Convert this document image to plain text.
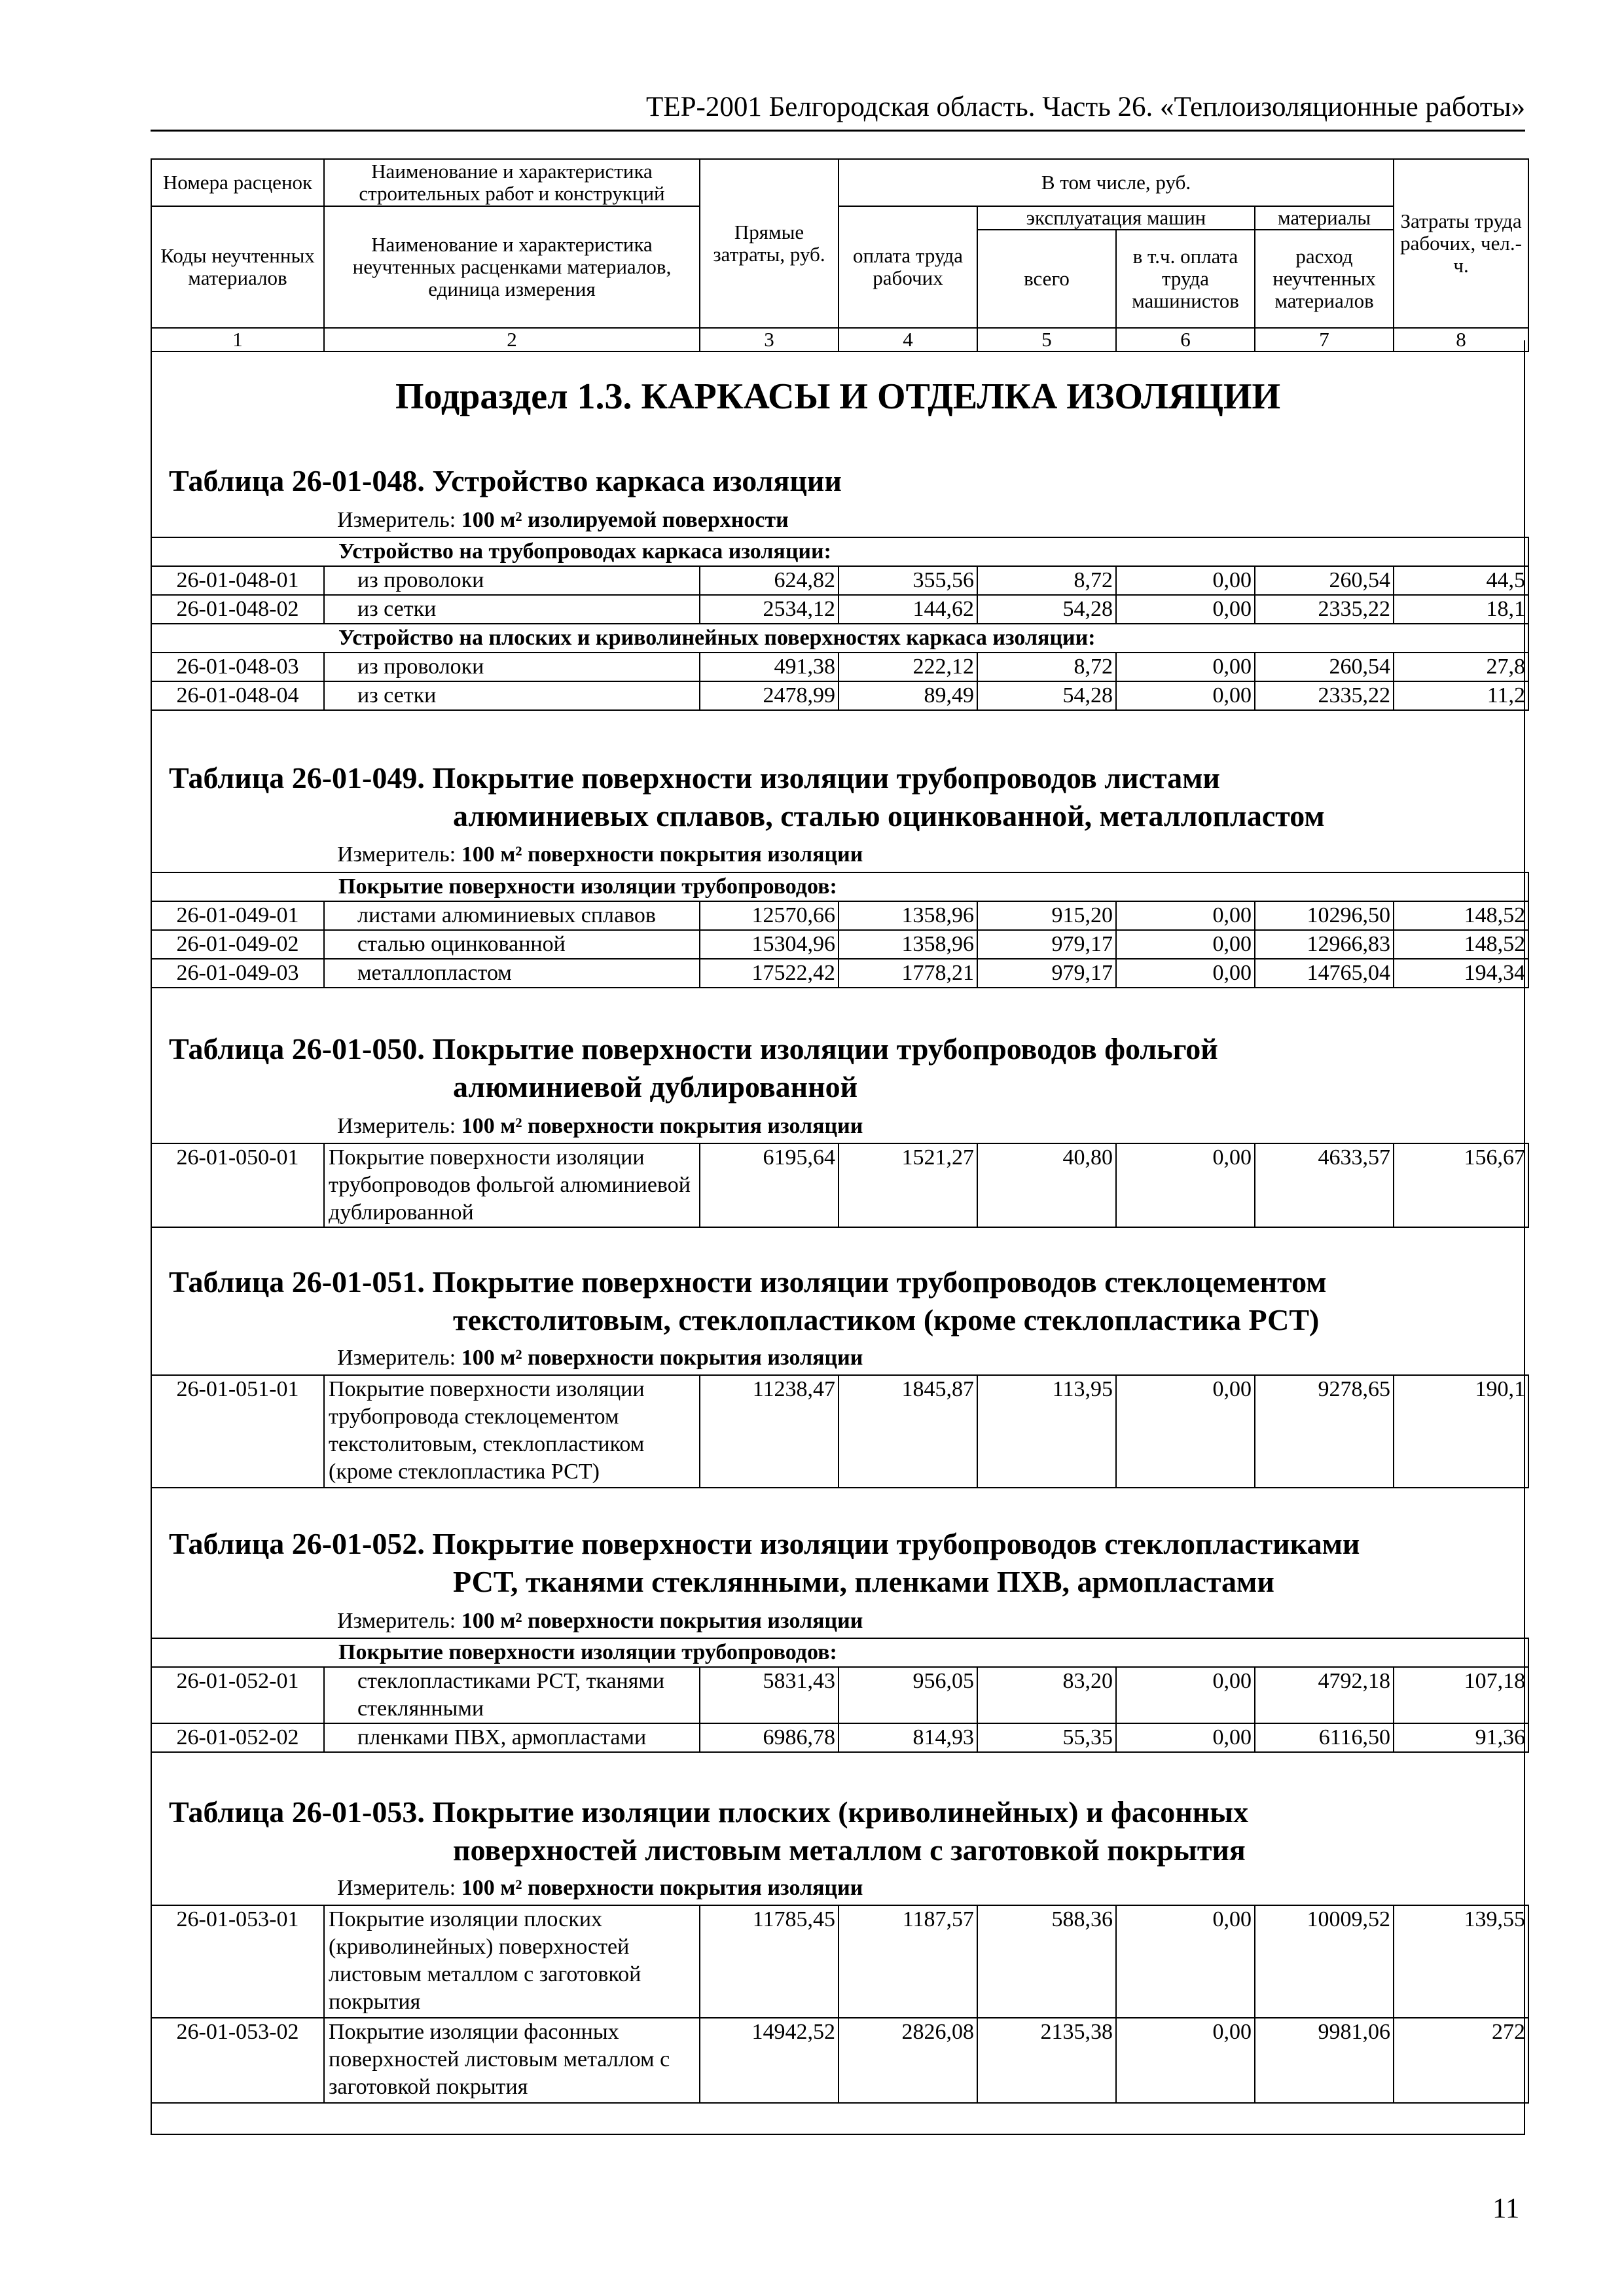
ТЕР-2001 Белгородская область. Часть 26. «Теплоизоляционные работы»
Номера расценок	Наименование и характеристика строительных работ и конструкций	Прямые затраты, руб.	В том числе, руб.				Затраты труда рабочих, чел.-ч.
Коды неучтенных материалов	Наименование и характеристика неучтенных расценками материалов, единица измерения		оплата труда рабочих	эксплуатация машин		материалы	
				всего	в т.ч. оплата труда машинистов	расход неучтенных материалов	
1	2	3	4	5	6	7	8
Подраздел 1.3. КАРКАСЫ И ОТДЕЛКА ИЗОЛЯЦИИ
Таблица 26-01-048. Устройство каркаса изоляции
Измеритель: 100 м² изолируемой поверхности
Устройство на трубопроводах каркаса изоляции:							
26-01-048-01	из проволоки	624,82	355,56	8,72	0,00	260,54	44,5
26-01-048-02	из сетки	2534,12	144,62	54,28	0,00	2335,22	18,1
Устройство на плоских и криволинейных поверхностях каркаса изоляции:							
26-01-048-03	из проволоки	491,38	222,12	8,72	0,00	260,54	27,8
26-01-048-04	из сетки	2478,99	89,49	54,28	0,00	2335,22	11,2
Таблица 26-01-049. Покрытие поверхности изоляции трубопроводов листами
алюминиевых сплавов, сталью оцинкованной, металлопластом
Измеритель: 100 м² поверхности покрытия изоляции
Покрытие поверхности изоляции трубопроводов:							
26-01-049-01	листами алюминиевых сплавов	12570,66	1358,96	915,20	0,00	10296,50	148,52
26-01-049-02	сталью оцинкованной	15304,96	1358,96	979,17	0,00	12966,83	148,52
26-01-049-03	металлопластом	17522,42	1778,21	979,17	0,00	14765,04	194,34
Таблица 26-01-050. Покрытие поверхности изоляции трубопроводов фольгой
алюминиевой дублированной
Измеритель: 100 м² поверхности покрытия изоляции
26-01-050-01	Покрытие поверхности изоляции трубопроводов фольгой алюминиевой дублированной	6195,64	1521,27	40,80	0,00	4633,57	156,67
Таблица 26-01-051. Покрытие поверхности изоляции трубопроводов стеклоцементом
текстолитовым, стеклопластиком (кроме стеклопластика РСТ)
Измеритель: 100 м² поверхности покрытия изоляции
26-01-051-01	Покрытие поверхности изоляции трубопровода стеклоцементом текстолитовым, стеклопластиком (кроме стеклопластика РСТ)	11238,47	1845,87	113,95	0,00	9278,65	190,1
Таблица 26-01-052. Покрытие поверхности изоляции трубопроводов стеклопластиками
РСТ, тканями стеклянными, пленками ПХВ, армопластами
Измеритель: 100 м² поверхности покрытия изоляции
Покрытие поверхности изоляции трубопроводов:							
26-01-052-01	стеклопластиками РСТ, тканями стеклянными	5831,43	956,05	83,20	0,00	4792,18	107,18
26-01-052-02	пленками ПВХ, армопластами	6986,78	814,93	55,35	0,00	6116,50	91,36
Таблица 26-01-053. Покрытие изоляции плоских (криволинейных) и фасонных
поверхностей листовым металлом с заготовкой покрытия
Измеритель: 100 м² поверхности покрытия изоляции
26-01-053-01	Покрытие изоляции плоских (криволинейных) поверхностей листовым металлом с заготовкой покрытия	11785,45	1187,57	588,36	0,00	10009,52	139,55
26-01-053-02	Покрытие изоляции фасонных поверхностей листовым металлом с заготовкой покрытия	14942,52	2826,08	2135,38	0,00	9981,06	272
11
